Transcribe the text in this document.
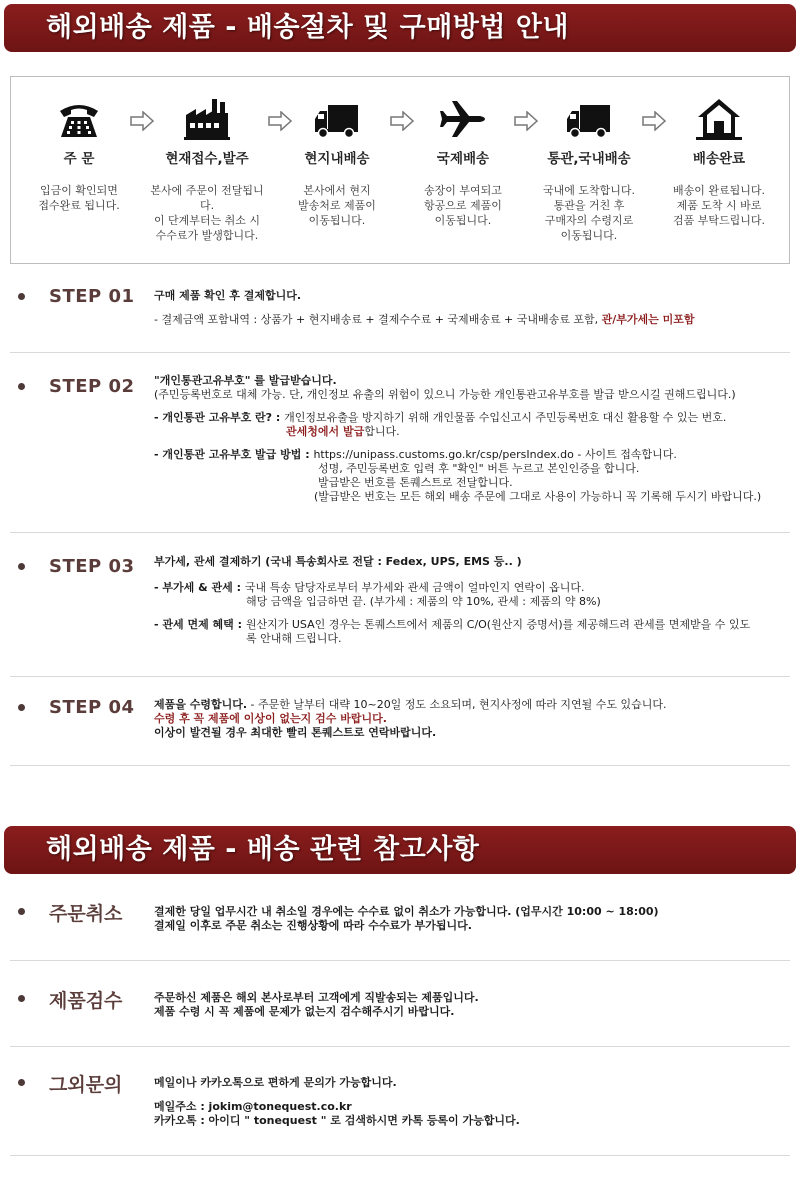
해외배송 제품 - 배송절차 및 구매방법 안내
주 문
입금이 확인되면
접수완료 됩니다.
현재접수,발주
본사에 주문이 전달됩니다.
이 단계부터는 취소 시
수수료가 발생합니다.
현지내배송
본사에서 현지
발송처로 제품이
이동됩니다.
국제배송
송장이 부여되고
항공으로 제품이
이동됩니다.
통관,국내배송
국내에 도착합니다.
통관을 거친 후
구매자의 수령지로
이동됩니다.
배송완료
배송이 완료됩니다.
제품 도착 시 바로
검품 부탁드립니다.
STEP 01 구매 제품 확인 후 결제합니다.
- 결제금액 포함내역 : 상품가 + 현지배송료 + 결제수수료 + 국제배송료 + 국내배송료 포함, 관/부가세는 미포함
STEP 02 "개인통관고유부호" 를 발급받습니다.
(주민등록번호로 대체 가능. 단, 개인정보 유출의 위험이 있으니 가능한 개인통관고유부호를 발급 받으시길 권해드립니다.)
- 개인통관 고유부호 란? : 개인정보유출을 방지하기 위해 개인물품 수입신고시 주민등록번호 대신 활용할 수 있는 번호.
관세청에서 발급합니다.
- 개인통관 고유부호 발급 방법 : https://unipass.customs.go.kr/csp/persIndex.do - 사이트 접속합니다.
성명, 주민등록번호 입력 후 "확인" 버튼 누르고 본인인증을 합니다.
발급받은 번호를 톤퀘스트로 전달합니다.
(발급받은 번호는 모든 해외 배송 주문에 그대로 사용이 가능하니 꼭 기록해 두시기 바랍니다.)
STEP 03 부가세, 관세 결제하기 (국내 특송회사로 전달 : Fedex, UPS, EMS 등.. )
- 부가세 & 관세 : 국내 특송 담당자로부터 부가세와 관세 금액이 얼마인지 연락이 옵니다.
해당 금액을 입금하면 끝. (부가세 : 제품의 약 10%, 관세 : 제품의 약 8%)
- 관세 면제 혜택 : 원산지가 USA인 경우는 톤퀘스트에서 제품의 C/O(원산지 증명서)를 제공해드려 관세를 면제받을 수 있도
록 안내해 드립니다.
STEP 04 제품을 수령합니다. - 주문한 날부터 대략 10~20일 정도 소요되며, 현지사정에 따라 지연될 수도 있습니다.
수령 후 꼭 제품에 이상이 없는지 검수 바랍니다.
이상이 발견될 경우 최대한 빨리 톤퀘스트로 연락바랍니다.
해외배송 제품 - 배송 관련 참고사항
주문취소	결제한 당일 업무시간 내 취소일 경우에는 수수료 없이 취소가 가능합니다. (업무시간 10:00 ~ 18:00)
결제일 이후로 주문 취소는 진행상황에 따라 수수료가 부가됩니다.
제품검수	주문하신 제품은 해외 본사로부터 고객에게 직발송되는 제품입니다.
제품 수령 시 꼭 제품에 문제가 없는지 검수해주시기 바랍니다.
그외문의	메일이나 카카오톡으로 편하게 문의가 가능합니다.
메일주소 : jokim@tonequest.co.kr
카카오톡 : 아이디 " tonequest " 로 검색하시면 카톡 등록이 가능합니다.
